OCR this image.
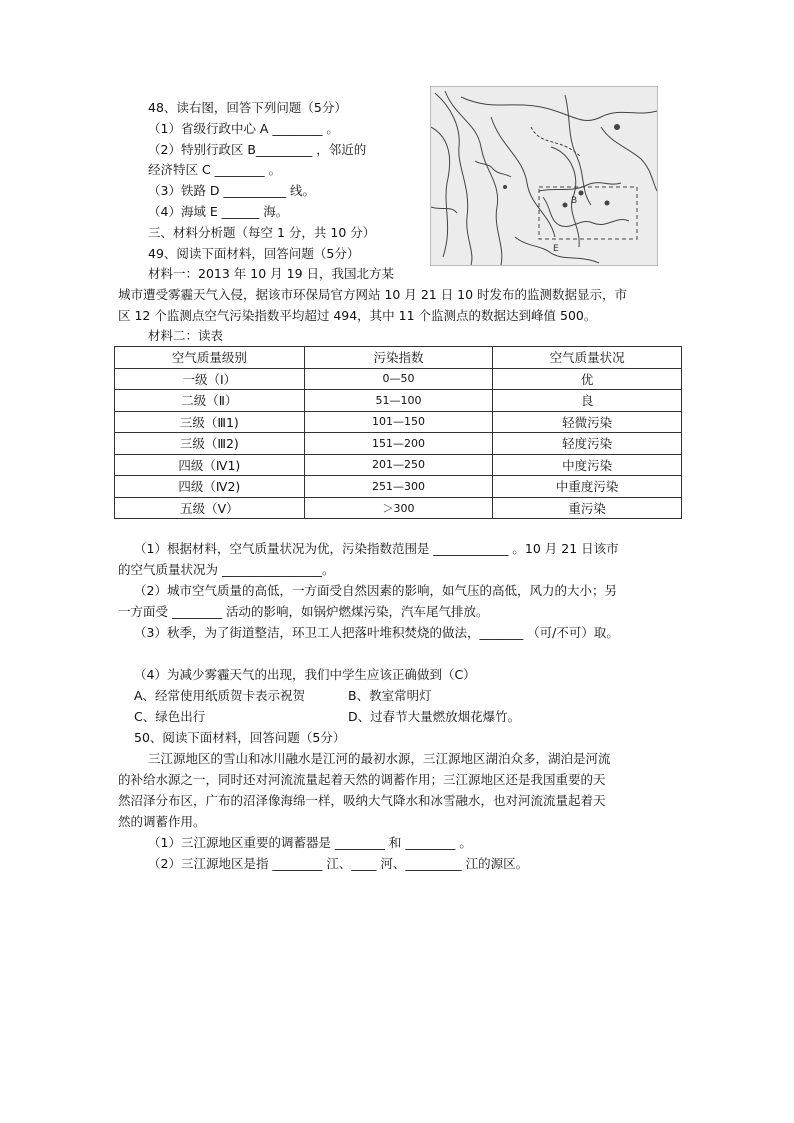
48、读右图，回答下列问题（5分）
（1）省级行政中心 A ________ 。
（2）特别行政区 B_________ ，邻近的
经济特区 C ________ 。
（3）铁路 D __________ 线。
（4）海域 E ______ 海。
三、材料分析题（每空 1 分，共 10 分）
B
E
49、阅读下面材料，回答问题（5分）
材料一：2013 年 10 月 19 日，我国北方某
城市遭受雾霾天气入侵，据该市环保局官方网站 10 月 21 日 10 时发布的监测数据显示，市
区 12 个监测点空气污染指数平均超过 494，其中 11 个监测点的数据达到峰值 500。
材料二：读表
空气质量级别	污染指数	空气质量状况
一级（Ⅰ）	0—50	优
二级（Ⅱ）	51—100	良
三级（Ⅲ1)	101—150	轻微污染
三级（Ⅲ2)	151—200	轻度污染
四级（Ⅳ1)	201—250	中度污染
四级（Ⅳ2)	251—300	中重度污染
五级（Ⅴ）	＞300	重污染
（1）根据材料，空气质量状况为优，污染指数范围是 ____________ 。10 月 21 日该市
的空气质量状况为 ________________。
（2）城市空气质量的高低，一方面受自然因素的影响，如气压的高低，风力的大小；另
一方面受 ________ 活动的影响，如锅炉燃煤污染，汽车尾气排放。
（3）秋季，为了街道整洁，环卫工人把落叶堆积焚烧的做法，_______ （可/不可）取。
（4）为减少雾霾天气的出现，我们中学生应该正确做到（C）
A、经常使用纸质贺卡表示祝贺	B、教室常明灯
C、绿色出行	D、过春节大量燃放烟花爆竹。
50、阅读下面材料，回答问题（5分）
三江源地区的雪山和冰川融水是江河的最初水源，三江源地区湖泊众多，湖泊是河流
的补给水源之一，同时还对河流流量起着天然的调蓄作用；三江源地区还是我国重要的天
然沼泽分布区，广布的沼泽像海绵一样，吸纳大气降水和冰雪融水，也对河流流量起着天
然的调蓄作用。
（1）三江源地区重要的调蓄器是 ________ 和 ________ 。
（2）三江源地区是指 ________ 江、____ 河、_________ 江的源区。
